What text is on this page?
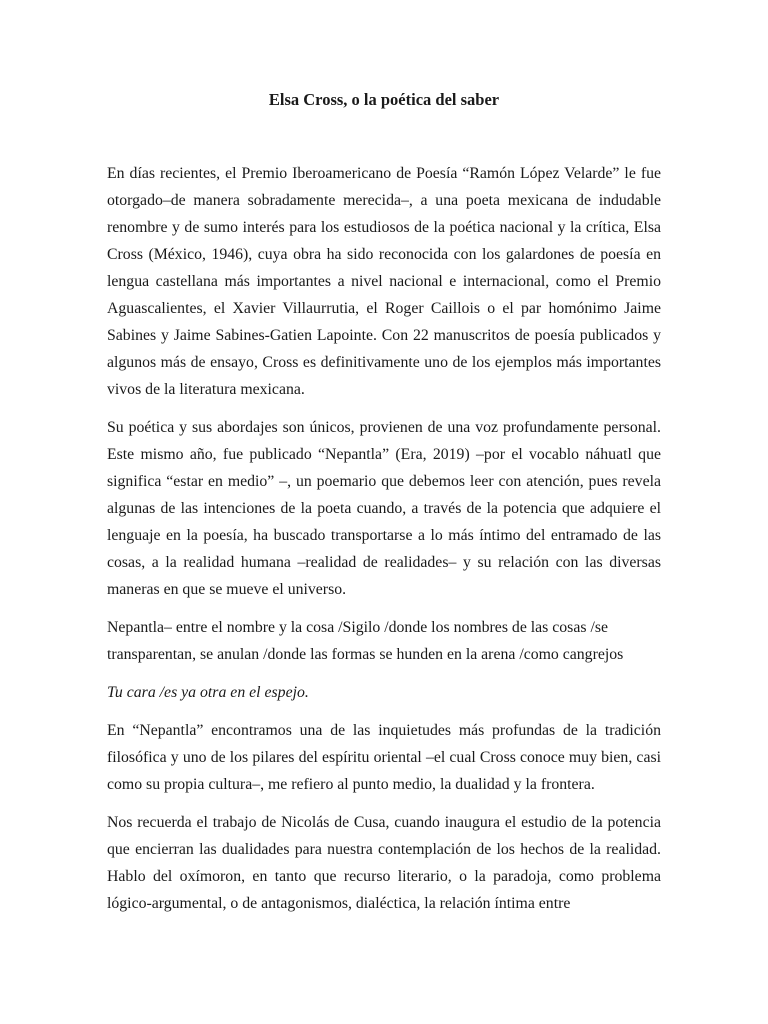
Elsa Cross, o la poética del saber

En días recientes, el Premio Iberoamericano de Poesía “Ramón López Velarde” le fue otorgado–de manera sobradamente merecida–, a una poeta mexicana de indudable renombre y de sumo interés para los estudiosos de la poética nacional y la crítica, Elsa Cross (México, 1946), cuya obra ha sido reconocida con los galardones de poesía en lengua castellana más importantes a nivel nacional e internacional, como el Premio Aguascalientes, el Xavier Villaurrutia, el Roger Caillois o el par homónimo Jaime Sabines y Jaime Sabines-Gatien Lapointe. Con 22 manuscritos de poesía publicados y algunos más de ensayo, Cross es definitivamente uno de los ejemplos más importantes vivos de la literatura mexicana.

Su poética y sus abordajes son únicos, provienen de una voz profundamente personal. Este mismo año, fue publicado “Nepantla” (Era, 2019) –por el vocablo náhuatl que significa “estar en medio” –, un poemario que debemos leer con atención, pues revela algunas de las intenciones de la poeta cuando, a través de la potencia que adquiere el lenguaje en la poesía, ha buscado transportarse a lo más íntimo del entramado de las cosas, a la realidad humana –realidad de realidades– y su relación con las diversas maneras en que se mueve el universo.

Nepantla– entre el nombre y la cosa /Sigilo /donde los nombres de las cosas /se transparentan, se anulan /donde las formas se hunden en la arena /como cangrejos

Tu cara /es ya otra en el espejo.

En “Nepantla” encontramos una de las inquietudes más profundas de la tradición filosófica y uno de los pilares del espíritu oriental –el cual Cross conoce muy bien, casi como su propia cultura–, me refiero al punto medio, la dualidad y la frontera.

Nos recuerda el trabajo de Nicolás de Cusa, cuando inaugura el estudio de la potencia que encierran las dualidades para nuestra contemplación de los hechos de la realidad. Hablo del oxímoron, en tanto que recurso literario, o la paradoja, como problema lógico-argumental, o de antagonismos, dialéctica, la relación íntima entre
